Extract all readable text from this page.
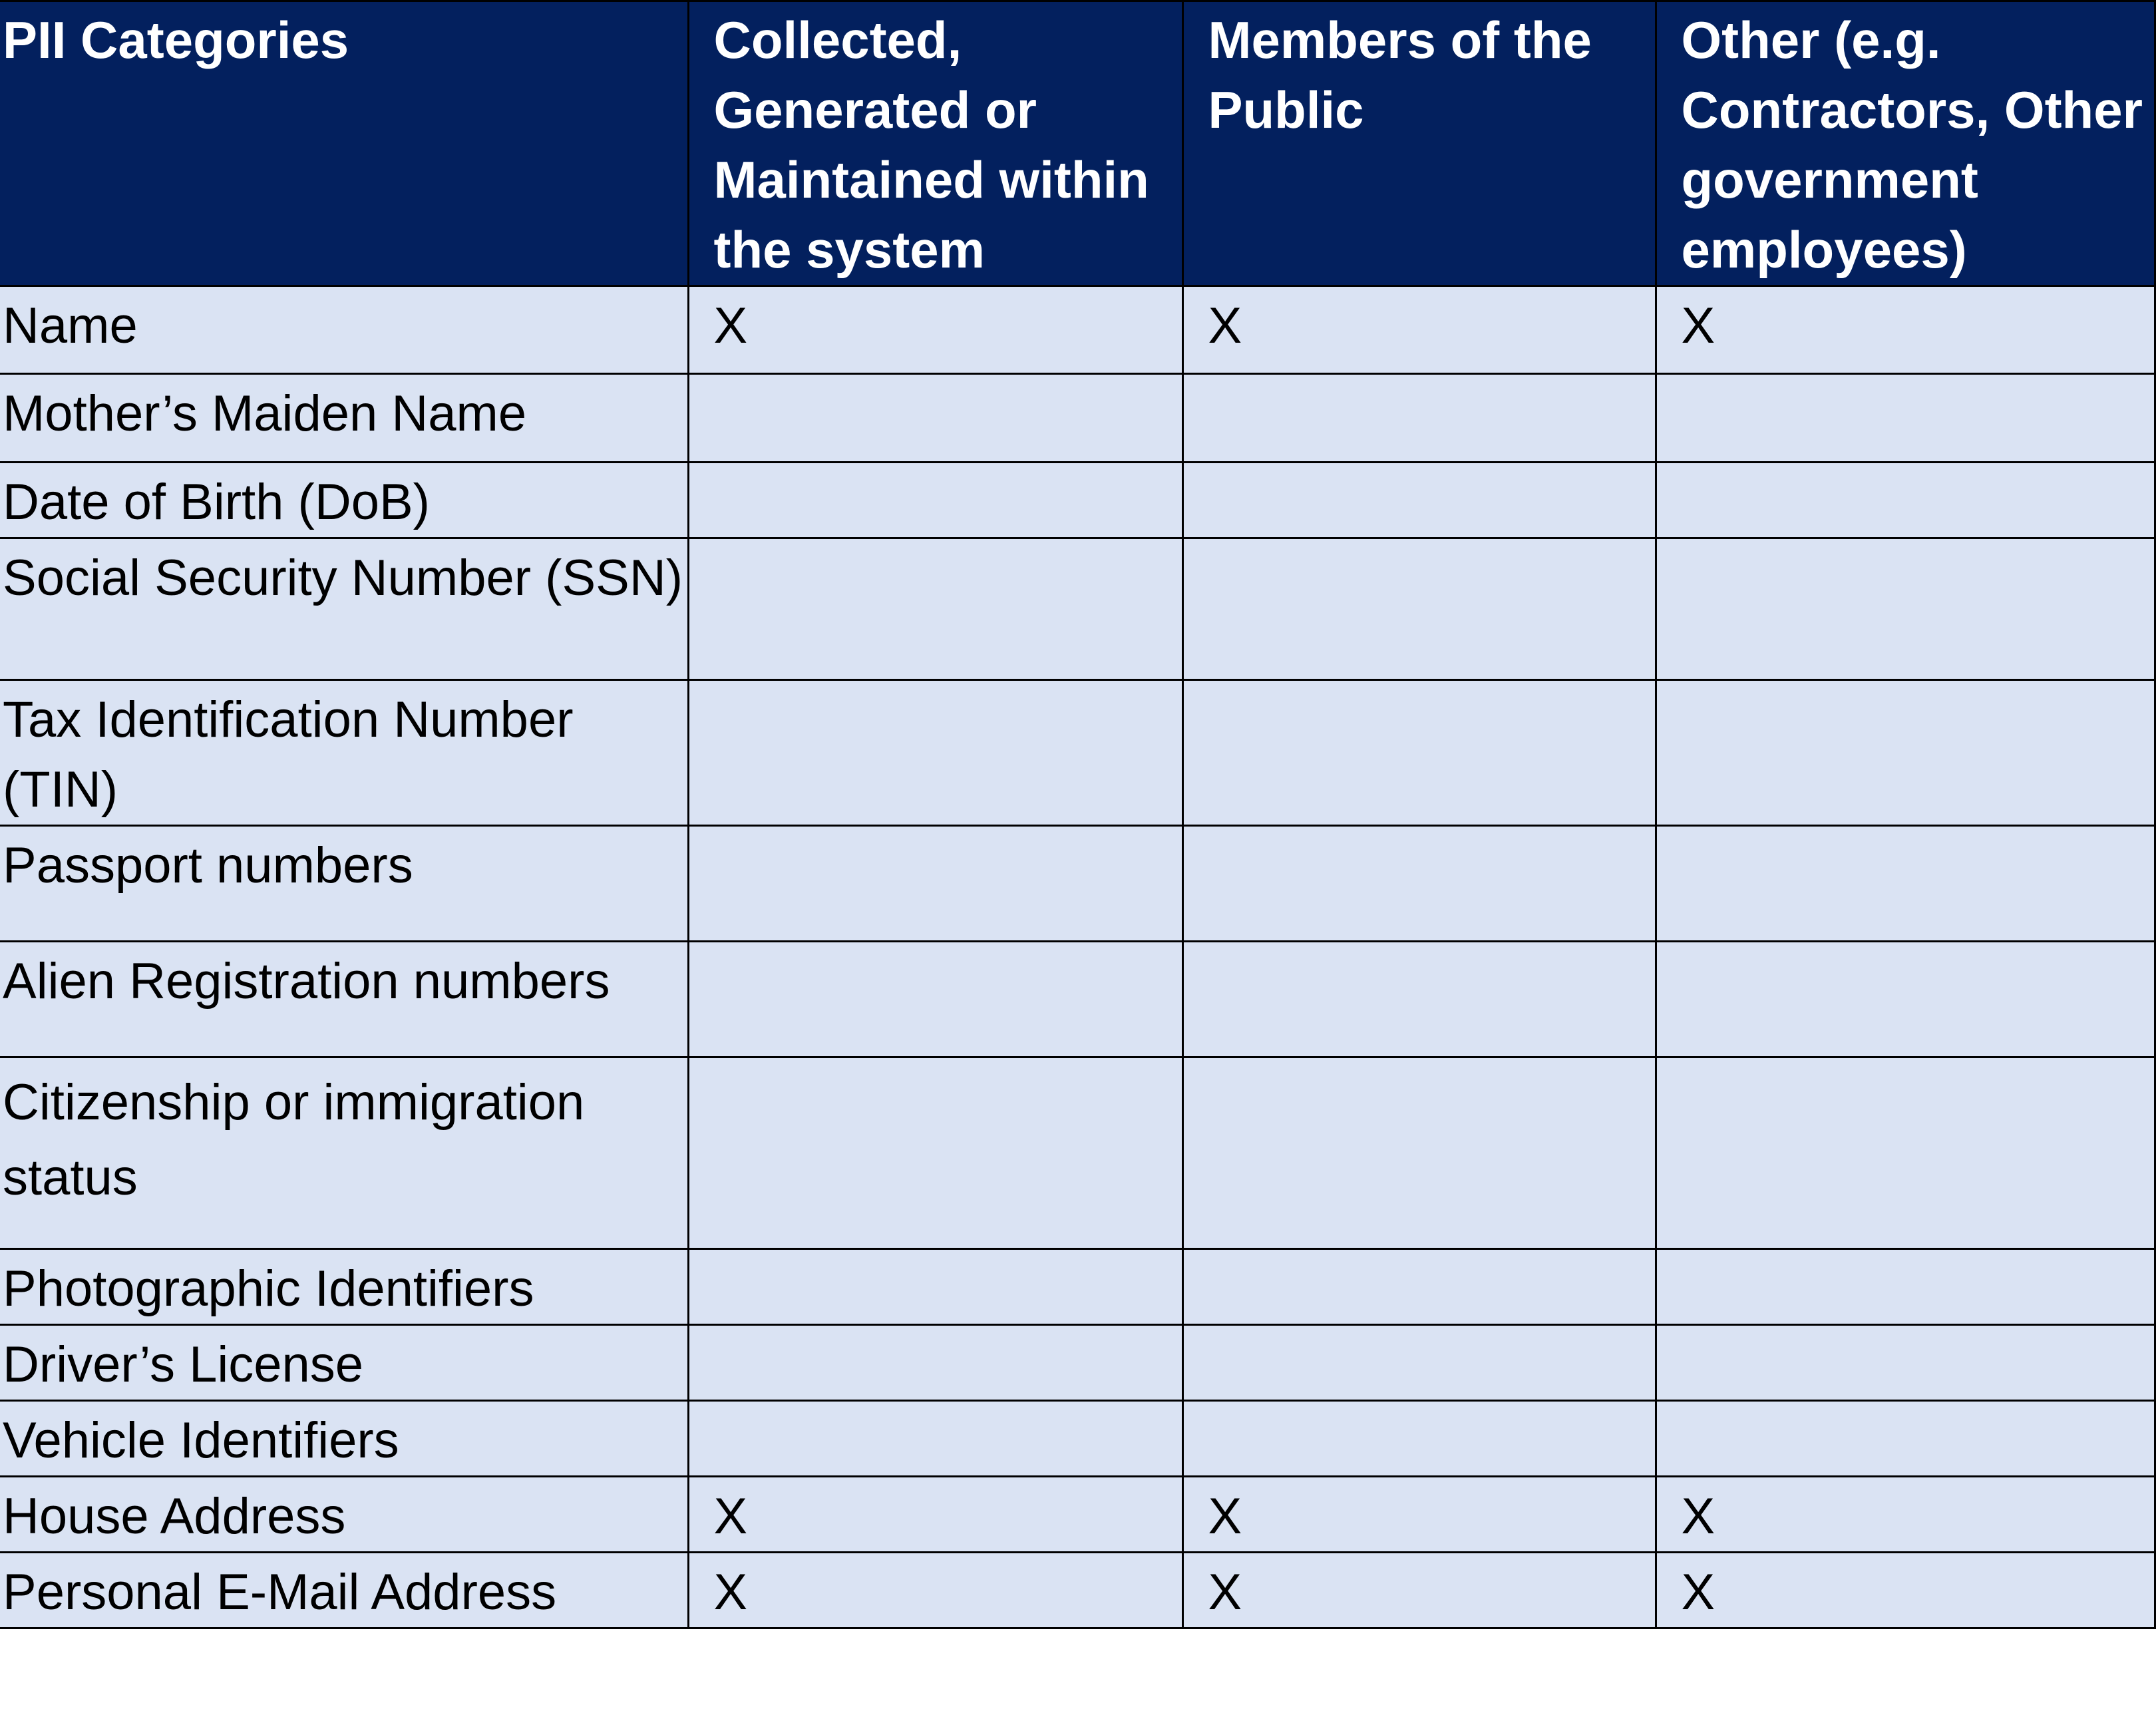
PII Categories	Collected, Generated or Maintained within the system	Members of the Public	Other (e.g. Contractors, Other government employees)
Name	X	X	X
Mother’s Maiden Name			
Date of Birth (DoB)			
Social Security Number (SSN)			
Tax Identification Number (TIN)			
Passport numbers			
Alien Registration numbers			
Citizenship or immigration status			
Photographic Identifiers			
Driver’s License			
Vehicle Identifiers			
House Address	X	X	X
Personal E-Mail Address	X	X	X
